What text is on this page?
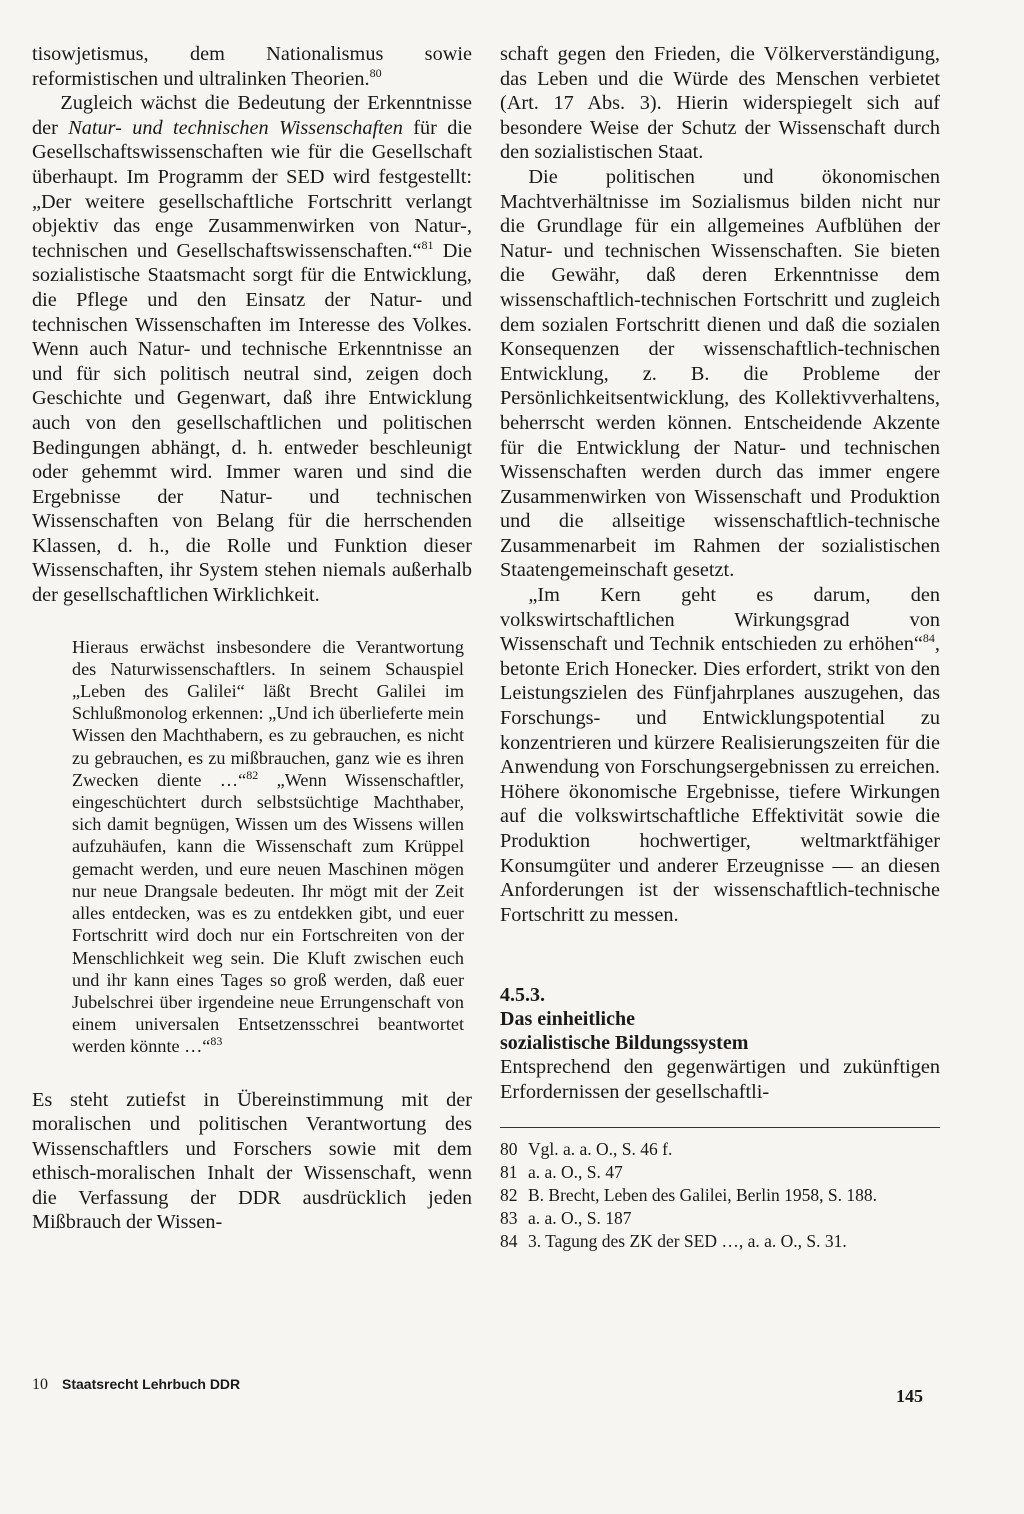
tisowjetismus, dem Nationalismus sowie reformistischen und ultralinken Theorien.$^{80}$

Zugleich wächst die Bedeutung der Erkenntnisse der Natur- und technischen Wissenschaften für die Gesellschaftswissenschaften wie für die Gesellschaft überhaupt. Im Programm der SED wird festgestellt: „Der weitere gesellschaftliche Fortschritt verlangt objektiv das enge Zusammenwirken von Natur-, technischen und Gesellschaftswissenschaften.“$^{81}$ Die sozialistische Staatsmacht sorgt für die Entwicklung, die Pflege und den Einsatz der Natur- und technischen Wissenschaften im Interesse des Volkes. Wenn auch Natur- und technische Erkenntnisse an und für sich politisch neutral sind, zeigen doch Geschichte und Gegenwart, daß ihre Entwicklung auch von den gesellschaftlichen und politischen Bedingungen abhängt, d. h. entweder beschleunigt oder gehemmt wird. Immer waren und sind die Ergebnisse der Natur- und technischen Wissenschaften von Belang für die herrschenden Klassen, d. h., die Rolle und Funktion dieser Wissenschaften, ihr System stehen niemals außerhalb der gesellschaftlichen Wirklichkeit.

Hieraus erwächst insbesondere die Verantwortung des Naturwissenschaftlers. In seinem Schauspiel „Leben des Galilei“ läßt Brecht Galilei im Schlußmonolog erkennen: „Und ich überlieferte mein Wissen den Machthabern, es zu gebrauchen, es nicht zu gebrauchen, es zu mißbrauchen, ganz wie es ihren Zwecken diente …“$^{82}$ „Wenn Wissenschaftler, eingeschüchtert durch selbstsüchtige Machthaber, sich damit begnügen, Wissen um des Wissens willen aufzuhäufen, kann die Wissenschaft zum Krüppel gemacht werden, und eure neuen Maschinen mögen nur neue Drangsale bedeuten. Ihr mögt mit der Zeit alles entdecken, was es zu entdekken gibt, und euer Fortschritt wird doch nur ein Fortschreiten von der Menschlichkeit weg sein. Die Kluft zwischen euch und ihr kann eines Tages so groß werden, daß euer Jubelschrei über irgendeine neue Errungenschaft von einem universalen Entsetzensschrei beantwortet werden könnte …“$^{83}$

Es steht zutiefst in Übereinstimmung mit der moralischen und politischen Verantwortung des Wissenschaftlers und Forschers sowie mit dem ethisch-moralischen Inhalt der Wissenschaft, wenn die Verfassung der DDR ausdrücklich jeden Mißbrauch der Wissen-

schaft gegen den Frieden, die Völkerverständigung, das Leben und die Würde des Menschen verbietet (Art. 17 Abs. 3). Hierin widerspiegelt sich auf besondere Weise der Schutz der Wissenschaft durch den sozialistischen Staat.

Die politischen und ökonomischen Machtverhältnisse im Sozialismus bilden nicht nur die Grundlage für ein allgemeines Aufblühen der Natur- und technischen Wissenschaften. Sie bieten die Gewähr, daß deren Erkenntnisse dem wissenschaftlich-technischen Fortschritt und zugleich dem sozialen Fortschritt dienen und daß die sozialen Konsequenzen der wissenschaftlich-technischen Entwicklung, z. B. die Probleme der Persönlichkeitsentwicklung, des Kollektivverhaltens, beherrscht werden können. Entscheidende Akzente für die Entwicklung der Natur- und technischen Wissenschaften werden durch das immer engere Zusammenwirken von Wissenschaft und Produktion und die allseitige wissenschaftlich-technische Zusammenarbeit im Rahmen der sozialistischen Staatengemeinschaft gesetzt.

„Im Kern geht es darum, den volkswirtschaftlichen Wirkungsgrad von Wissenschaft und Technik entschieden zu erhöhen“$^{84}$, betonte Erich Honecker. Dies erfordert, strikt von den Leistungszielen des Fünfjahrplanes auszugehen, das Forschungs- und Entwicklungspotential zu konzentrieren und kürzere Realisierungszeiten für die Anwendung von Forschungsergebnissen zu erreichen. Höhere ökonomische Ergebnisse, tiefere Wirkungen auf die volkswirtschaftliche Effektivität sowie die Produktion hochwertiger, weltmarktfähiger Konsumgüter und anderer Erzeugnisse — an diesen Anforderungen ist der wissenschaftlich-technische Fortschritt zu messen.

4.5.3.
Das einheitliche
sozialistische Bildungssystem

Entsprechend den gegenwärtigen und zukünftigen Erfordernissen der gesellschaftli-

80 Vgl. a. a. O., S. 46 f.
81 a. a. O., S. 47
82 B. Brecht, Leben des Galilei, Berlin 1958, S. 188.
83 a. a. O., S. 187
84 3. Tagung des ZK der SED …, a. a. O., S. 31.
10 Staatsrecht Lehrbuch DDR
145
